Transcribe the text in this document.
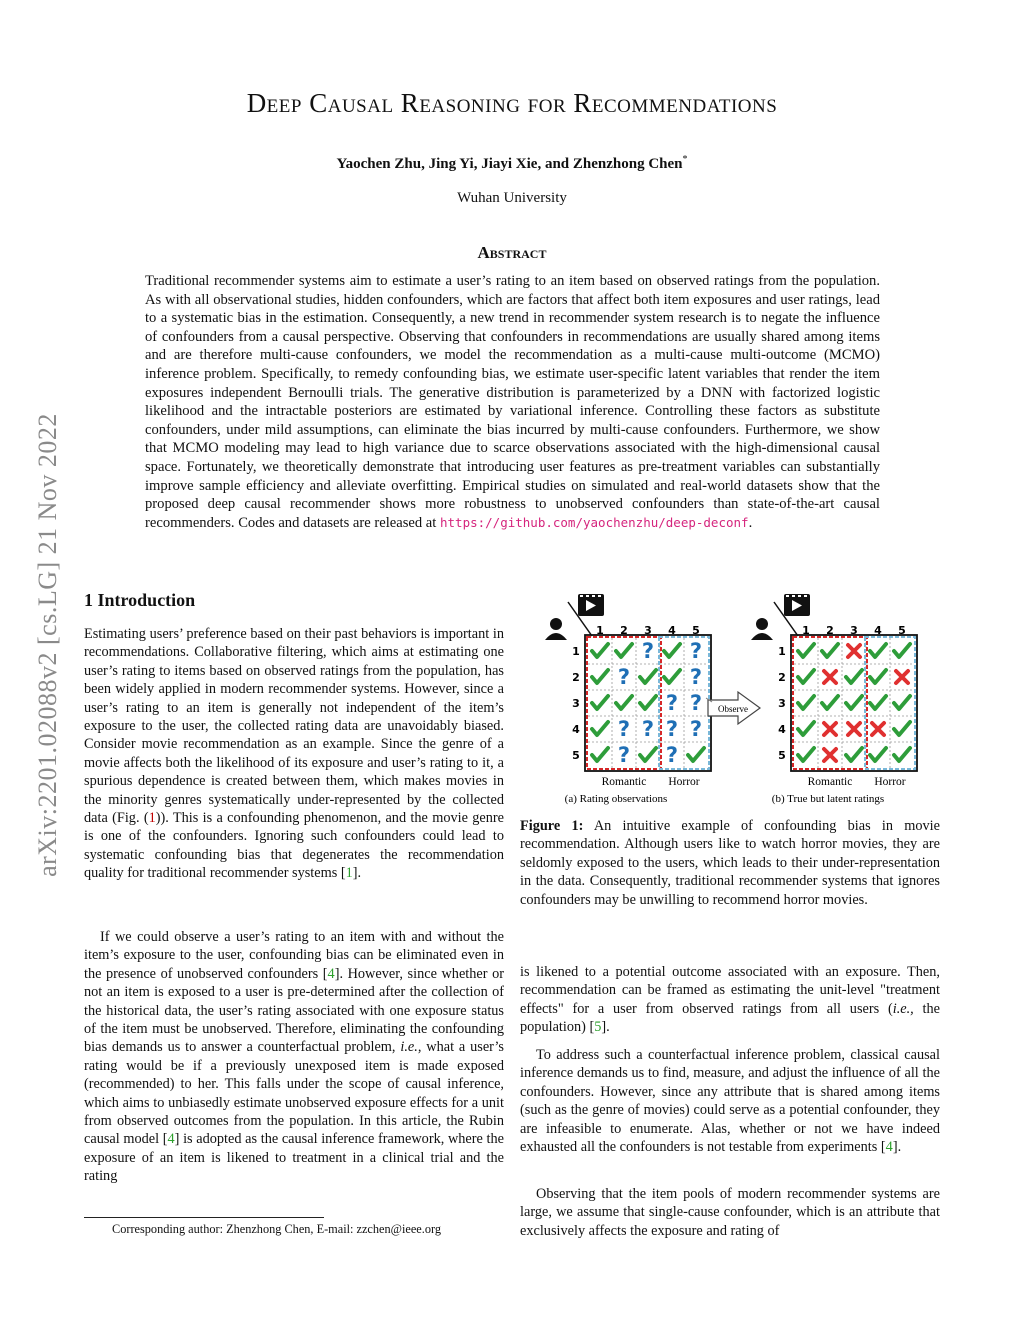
Deep Causal Reasoning for Recommendations
Yaochen Zhu, Jing Yi, Jiayi Xie, and Zhenzhong Chen*
Wuhan University
Abstract
Traditional recommender systems aim to estimate a user’s rating to an item based on observed ratings from the population. As with all observational studies, hidden confounders, which are factors that affect both item exposures and user ratings, lead to a systematic bias in the estimation. Consequently, a new trend in recommender system research is to negate the influence of confounders from a causal perspective. Observing that confounders in recommendations are usually shared among items and are therefore multi-cause confounders, we model the recommendation as a multi-cause multi-outcome (MCMO) inference problem. Specifically, to remedy confounding bias, we estimate user-specific latent variables that render the item exposures independent Bernoulli trials. The generative distribution is parameterized by a DNN with factorized logistic likelihood and the intractable posteriors are estimated by variational inference. Controlling these factors as substitute confounders, under mild assumptions, can eliminate the bias incurred by multi-cause confounders. Furthermore, we show that MCMO modeling may lead to high variance due to scarce observations associated with the high-dimensional causal space. Fortunately, we theoretically demonstrate that introducing user features as pre-treatment variables can substantially improve sample efficiency and alleviate overfitting. Empirical studies on simulated and real-world datasets show that the proposed deep causal recommender shows more robustness to unobserved confounders than state-of-the-art causal recommenders. Codes and datasets are released at https://github.com/yaochenzhu/deep-deconf.
arXiv:2201.02088v2 [cs.LG] 21 Nov 2022 1 Introduction

Estimating users’ preference based on their past behaviors is important in recommendations. Collaborative filtering, which aims at estimating one user’s rating to items based on observed ratings from the population, has been widely applied in modern recommender systems. However, since a user’s rating to an item is generally not independent of the item’s exposure to the user, the collected rating data are unavoidably biased. Consider movie recommendation as an example. Since the genre of a movie affects both the likelihood of its exposure and user’s rating to it, a spurious dependence is created between them, which makes movies in the minority genres systematically under-represented by the collected data (Fig. (1)). This is a confounding phenomenon, and the movie genre is one of the confounders. Ignoring such confounders could lead to systematic confounding bias that degenerates the recommendation quality for traditional recommender systems [1].

If we could observe a user’s rating to an item with and without the item’s exposure to the user, confounding bias can be eliminated even in the presence of unobserved confounders [4]. However, since whether or not an item is exposed to a user is pre-determined after the collection of the historical data, the user’s rating associated with one exposure status of the item must be unobserved. Therefore, eliminating the confounding bias demands us to answer a counterfactual problem, i.e., what a user’s rating would be if a previously unexposed item is made exposed (recommended) to her. This falls under the scope of causal inference, which aims to unbiasedly estimate unobserved exposure effects for a unit from observed outcomes from the population. In this article, the Rubin causal model [4] is adopted as the causal inference framework, where the exposure of an item is likened to treatment in a clinical trial and the rating

is likened to a potential outcome associated with an exposure. Then, recommendation can be framed as estimating the unit-level "treatment effects" for a user from observed ratings from all users (i.e., the population) [5].

To address such a counterfactual inference problem, classical causal inference demands us to find, measure, and adjust the influence of all the confounders. However, since any attribute that is shared among items (such as the genre of movies) could serve as a potential confounder, they are infeasible to enumerate. Alas, whether or not we have indeed exhausted all the confounders is not testable from experiments [4].

Observing that the item pools of modern recommender systems are large, we assume that single-cause confounder, which is an attribute that exclusively affects the exposure and rating of

Figure 1: An intuitive example of confounding bias in movie recommendation. Although users like to watch horror movies, they are seldomly exposed to the users, which leads to their under-representation in the data. Consequently, traditional recommender systems that ignores confounders may be unwilling to recommend horror movies.
Corresponding author: Zhenzhong Chen, E-mail: zzchen@ieee.org
1 2 3 4 5
1
2
3
4
5
? ?
?	?
? ?
? ? ? ?
? ?
Romantic Horror
1 2 3 4 5
1
2
3
4
5
Romantic Horror
Observe
(a) Rating observations	(b) True but latent ratings
